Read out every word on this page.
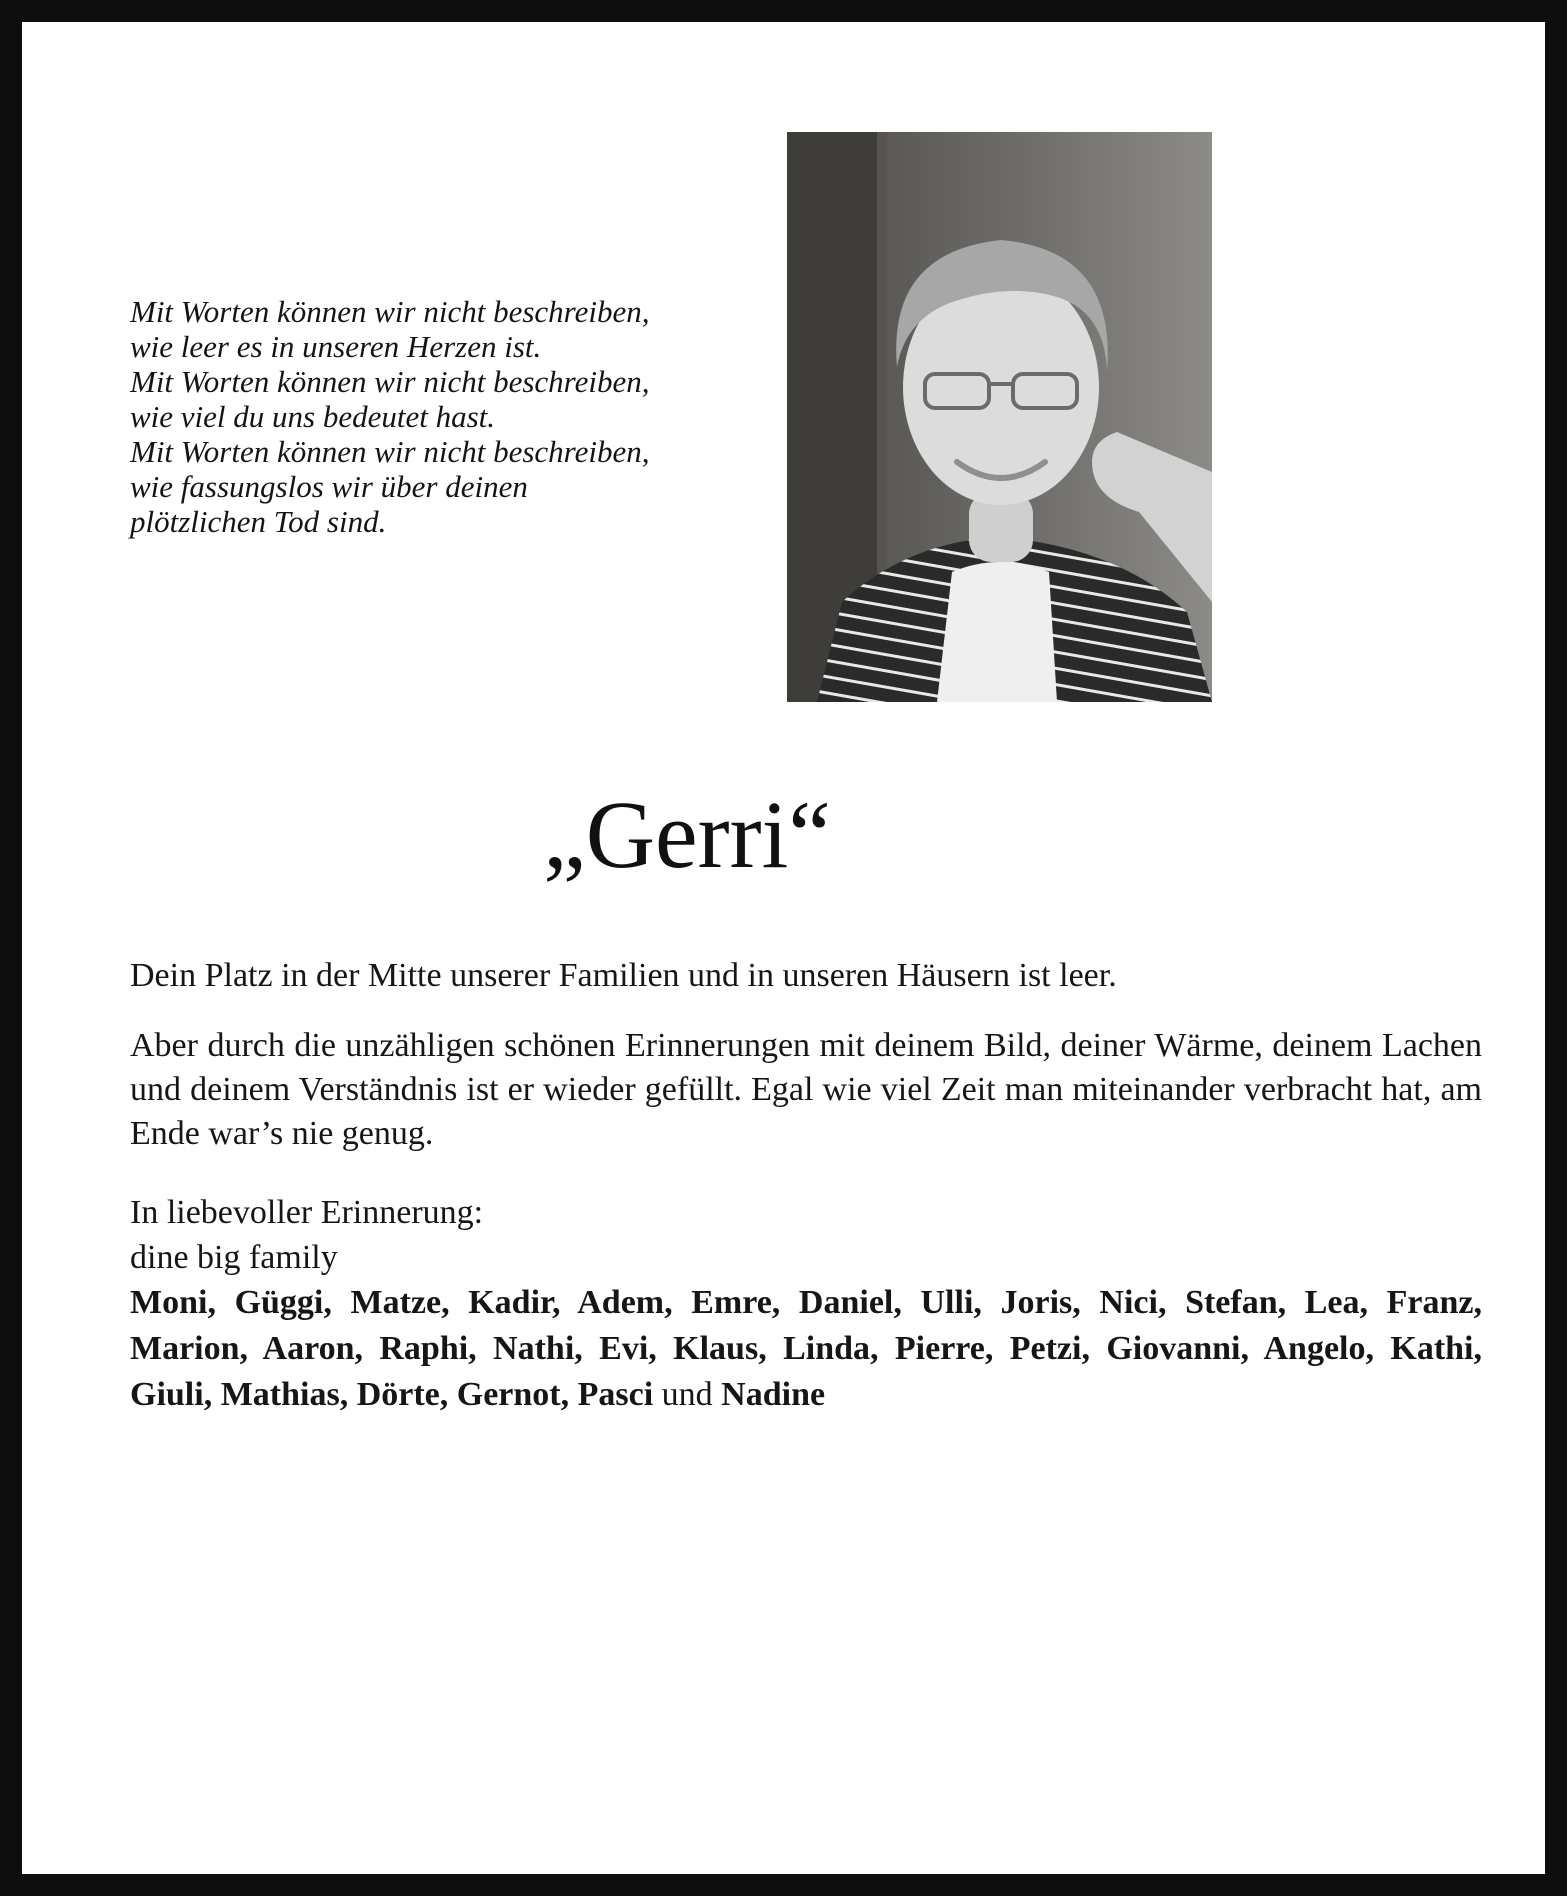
Mit Worten können wir nicht beschreiben,
wie leer es in unseren Herzen ist.
Mit Worten können wir nicht beschreiben,
wie viel du uns bedeutet hast.
Mit Worten können wir nicht beschreiben,
wie fassungslos wir über deinen
plötzlichen Tod sind.
„Gerri“
Dein Platz in der Mitte unserer Familien und in unseren Häusern ist leer.
Aber durch die unzähligen schönen Erinnerungen mit deinem Bild, deiner Wärme, deinem Lachen und deinem Verständnis ist er wieder gefüllt. Egal wie viel Zeit man miteinander verbracht hat, am Ende war’s nie genug.
In liebevoller Erinnerung:
dine big family
Moni, Güggi, Matze, Kadir, Adem, Emre, Daniel, Ulli, Joris, Nici, Stefan, Lea, Franz, Marion, Aaron, Raphi, Nathi, Evi, Klaus, Linda, Pierre, Petzi, Giovanni, Angelo, Kathi, Giuli, Mathias, Dörte, Gernot, Pasci und Nadine
